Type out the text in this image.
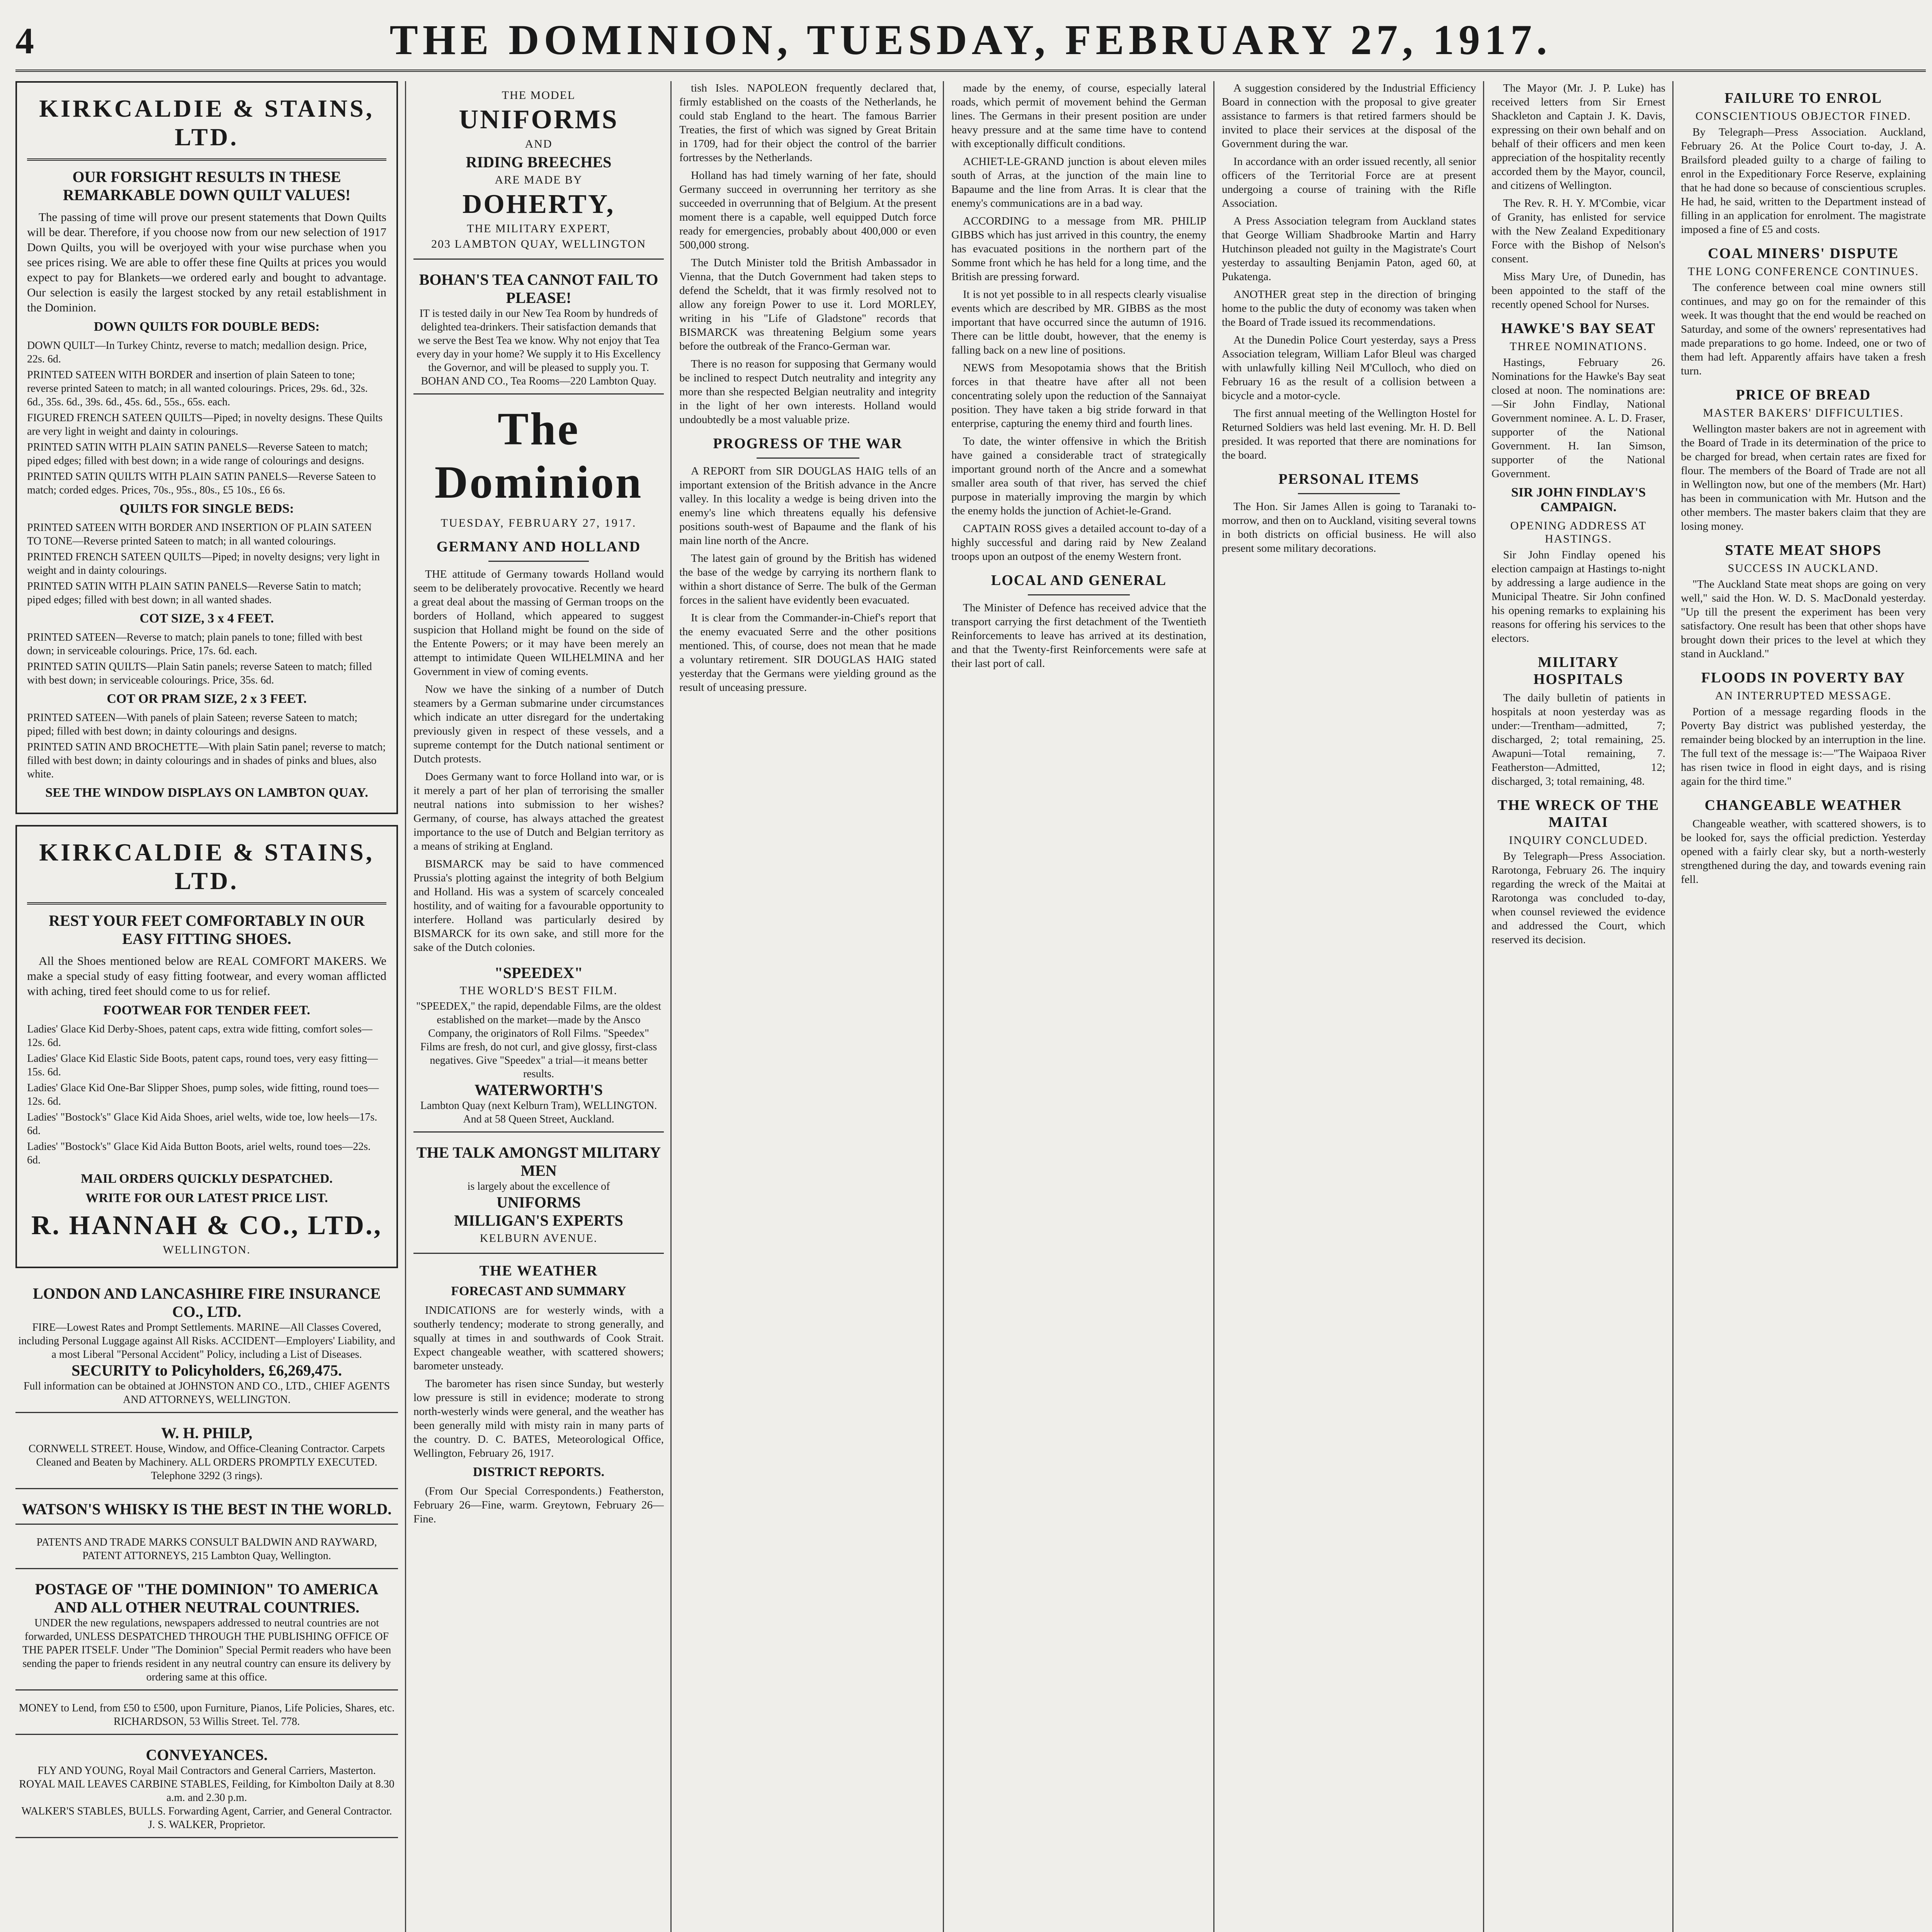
4	THE DOMINION, TUESDAY, FEBRUARY 27, 1917.
KIRKCALDIE & STAINS, LTD.
OUR FORSIGHT RESULTS IN THESE REMARKABLE DOWN QUILT VALUES!

The passing of time will prove our present statements that Down Quilts will be dear. Therefore, if you choose now from our new selection of 1917 Down Quilts, you will be overjoyed with your wise purchase when you see prices rising. We are able to offer these fine Quilts at prices you would expect to pay for Blankets—we ordered early and bought to advantage. Our selection is easily the largest stocked by any retail establishment in the Dominion.

DOWN QUILTS FOR DOUBLE BEDS:
DOWN QUILT—In Turkey Chintz, reverse to match; medallion design. Price, 22s. 6d.
PRINTED SATEEN WITH BORDER and insertion of plain Sateen to tone; reverse printed Sateen to match; in all wanted colourings. Prices, 29s. 6d., 32s. 6d., 35s. 6d., 39s. 6d., 45s. 6d., 55s., 65s. each.
FIGURED FRENCH SATEEN QUILTS—Piped; in novelty designs. These Quilts are very light in weight and dainty in colourings.
PRINTED SATIN WITH PLAIN SATIN PANELS—Reverse Sateen to match; piped edges; filled with best down; in a wide range of colourings and designs.
PRINTED SATIN QUILTS WITH PLAIN SATIN PANELS—Reverse Sateen to match; corded edges. Prices, 70s., 95s., 80s., £5 10s., £6 6s.
QUILTS FOR SINGLE BEDS:
PRINTED SATEEN WITH BORDER AND INSERTION OF PLAIN SATEEN TO TONE—Reverse printed Sateen to match; in all wanted colourings.
PRINTED FRENCH SATEEN QUILTS—Piped; in novelty designs; very light in weight and in dainty colourings.
PRINTED SATIN WITH PLAIN SATIN PANELS—Reverse Satin to match; piped edges; filled with best down; in all wanted shades.
COT SIZE, 3 x 4 FEET.
PRINTED SATEEN—Reverse to match; plain panels to tone; filled with best down; in serviceable colourings. Price, 17s. 6d. each.
PRINTED SATIN QUILTS—Plain Satin panels; reverse Sateen to match; filled with best down; in serviceable colourings. Price, 35s. 6d.
COT OR PRAM SIZE, 2 x 3 FEET.
PRINTED SATEEN—With panels of plain Sateen; reverse Sateen to match; piped; filled with best down; in dainty colourings and designs.
PRINTED SATIN AND BROCHETTE—With plain Satin panel; reverse to match; filled with best down; in dainty colourings and in shades of pinks and blues, also white.
SEE THE WINDOW DISPLAYS ON LAMBTON QUAY.
KIRKCALDIE & STAINS, LTD.
REST YOUR FEET COMFORTABLY IN OUR EASY FITTING SHOES.

All the Shoes mentioned below are REAL COMFORT MAKERS. We make a special study of easy fitting footwear, and every woman afflicted with aching, tired feet should come to us for relief.

FOOTWEAR FOR TENDER FEET.
Ladies' Glace Kid Derby-Shoes, patent caps, extra wide fitting, comfort soles—12s. 6d.
Ladies' Glace Kid Elastic Side Boots, patent caps, round toes, very easy fitting—15s. 6d.
Ladies' Glace Kid One-Bar Slipper Shoes, pump soles, wide fitting, round toes—12s. 6d.
Ladies' "Bostock's" Glace Kid Aida Shoes, ariel welts, wide toe, low heels—17s. 6d.
Ladies' "Bostock's" Glace Kid Aida Button Boots, ariel welts, round toes—22s. 6d.
MAIL ORDERS QUICKLY DESPATCHED.
WRITE FOR OUR LATEST PRICE LIST.
R. HANNAH & CO., LTD.,
WELLINGTON.
LONDON AND LANCASHIRE FIRE INSURANCE CO., LTD.
FIRE—Lowest Rates and Prompt Settlements. MARINE—All Classes Covered, including Personal Luggage against All Risks. ACCIDENT—Employers' Liability, and a most Liberal "Personal Accident" Policy, including a List of Diseases.
SECURITY to Policyholders, £6,269,475.
Full information can be obtained at JOHNSTON AND CO., LTD., CHIEF AGENTS AND ATTORNEYS, WELLINGTON.
W. H. PHILP,
CORNWELL STREET. House, Window, and Office-Cleaning Contractor. Carpets Cleaned and Beaten by Machinery. ALL ORDERS PROMPTLY EXECUTED. Telephone 3292 (3 rings).
WATSON'S WHISKY IS THE BEST IN THE WORLD.
PATENTS AND TRADE MARKS CONSULT BALDWIN AND RAYWARD, PATENT ATTORNEYS, 215 Lambton Quay, Wellington.
POSTAGE OF "THE DOMINION" TO AMERICA AND ALL OTHER NEUTRAL COUNTRIES.
UNDER the new regulations, newspapers addressed to neutral countries are not forwarded, UNLESS DESPATCHED THROUGH THE PUBLISHING OFFICE OF THE PAPER ITSELF. Under "The Dominion" Special Permit readers who have been sending the paper to friends resident in any neutral country can ensure its delivery by ordering same at this office.
MONEY to Lend, from £50 to £500, upon Furniture, Pianos, Life Policies, Shares, etc. RICHARDSON, 53 Willis Street. Tel. 778.
CONVEYANCES.
FLY AND YOUNG, Royal Mail Contractors and General Carriers, Masterton.
ROYAL MAIL LEAVES CARBINE STABLES, Feilding, for Kimbolton Daily at 8.30 a.m. and 2.30 p.m.
WALKER'S STABLES, BULLS. Forwarding Agent, Carrier, and General Contractor. J. S. WALKER, Proprietor.
THE MODEL
UNIFORMS
AND
RIDING BREECHES
ARE MADE BY
DOHERTY,
THE MILITARY EXPERT,
203 LAMBTON QUAY, WELLINGTON
BOHAN'S TEA CANNOT FAIL TO PLEASE!
IT is tested daily in our New Tea Room by hundreds of delighted tea-drinkers. Their satisfaction demands that we serve the Best Tea we know. Why not enjoy that Tea every day in your home? We supply it to His Excellency the Governor, and will be pleased to supply you. T. BOHAN AND CO., Tea Rooms—220 Lambton Quay.
The Dominion
TUESDAY, FEBRUARY 27, 1917.
GERMANY AND HOLLAND

THE attitude of Germany towards Holland would seem to be deliberately provocative. Recently we heard a great deal about the massing of German troops on the borders of Holland, which appeared to suggest suspicion that Holland might be found on the side of the Entente Powers; or it may have been merely an attempt to intimidate Queen WILHELMINA and her Government in view of coming events.

Now we have the sinking of a number of Dutch steamers by a German submarine under circumstances which indicate an utter disregard for the undertaking previously given in respect of these vessels, and a supreme contempt for the Dutch national sentiment or Dutch protests.

Does Germany want to force Holland into war, or is it merely a part of her plan of terrorising the smaller neutral nations into submission to her wishes? Germany, of course, has always attached the greatest importance to the use of Dutch and Belgian territory as a means of striking at England.

BISMARCK may be said to have commenced Prussia's plotting against the integrity of both Belgium and Holland. His was a system of scarcely concealed hostility, and of waiting for a favourable opportunity to interfere. Holland was particularly desired by BISMARCK for its own sake, and still more for the sake of the Dutch colonies.

"SPEEDEX"
THE WORLD'S BEST FILM.
"SPEEDEX," the rapid, dependable Films, are the oldest established on the market—made by the Ansco Company, the originators of Roll Films. "Speedex" Films are fresh, do not curl, and give glossy, first-class negatives. Give "Speedex" a trial—it means better results.
WATERWORTH'S
Lambton Quay (next Kelburn Tram), WELLINGTON. And at 58 Queen Street, Auckland.
THE TALK AMONGST MILITARY MEN
is largely about the excellence of
UNIFORMS
MILLIGAN'S EXPERTS
KELBURN AVENUE.
THE WEATHER
FORECAST AND SUMMARY

INDICATIONS are for westerly winds, with a southerly tendency; moderate to strong generally, and squally at times in and southwards of Cook Strait. Expect changeable weather, with scattered showers; barometer unsteady.

The barometer has risen since Sunday, but westerly low pressure is still in evidence; moderate to strong north-westerly winds were general, and the weather has been generally mild with misty rain in many parts of the country. D. C. BATES, Meteorological Office, Wellington, February 26, 1917.

DISTRICT REPORTS.

(From Our Special Correspondents.) Featherston, February 26—Fine, warm. Greytown, February 26—Fine.

tish Isles. NAPOLEON frequently declared that, firmly established on the coasts of the Netherlands, he could stab England to the heart. The famous Barrier Treaties, the first of which was signed by Great Britain in 1709, had for their object the control of the barrier fortresses by the Netherlands.

Holland has had timely warning of her fate, should Germany succeed in overrunning her territory as she succeeded in overrunning that of Belgium. At the present moment there is a capable, well equipped Dutch force ready for emergencies, probably about 400,000 or even 500,000 strong.

The Dutch Minister told the British Ambassador in Vienna, that the Dutch Government had taken steps to defend the Scheldt, that it was firmly resolved not to allow any foreign Power to use it. Lord MORLEY, writing in his "Life of Gladstone" records that BISMARCK was threatening Belgium some years before the outbreak of the Franco-German war.

There is no reason for supposing that Germany would be inclined to respect Dutch neutrality and integrity any more than she respected Belgian neutrality and integrity in the light of her own interests. Holland would undoubtedly be a most valuable prize.

PROGRESS OF THE WAR

A REPORT from SIR DOUGLAS HAIG tells of an important extension of the British advance in the Ancre valley. In this locality a wedge is being driven into the enemy's line which threatens equally his defensive positions south-west of Bapaume and the flank of his main line north of the Ancre.

The latest gain of ground by the British has widened the base of the wedge by carrying its northern flank to within a short distance of Serre. The bulk of the German forces in the salient have evidently been evacuated.

It is clear from the Commander-in-Chief's report that the enemy evacuated Serre and the other positions mentioned. This, of course, does not mean that he made a voluntary retirement. SIR DOUGLAS HAIG stated yesterday that the Germans were yielding ground as the result of unceasing pressure.

made by the enemy, of course, especially lateral roads, which permit of movement behind the German lines. The Germans in their present position are under heavy pressure and at the same time have to contend with exceptionally difficult conditions.

ACHIET-LE-GRAND junction is about eleven miles south of Arras, at the junction of the main line to Bapaume and the line from Arras. It is clear that the enemy's communications are in a bad way.

ACCORDING to a message from MR. PHILIP GIBBS which has just arrived in this country, the enemy has evacuated positions in the northern part of the Somme front which he has held for a long time, and the British are pressing forward.

It is not yet possible to in all respects clearly visualise events which are described by MR. GIBBS as the most important that have occurred since the autumn of 1916. There can be little doubt, however, that the enemy is falling back on a new line of positions.

NEWS from Mesopotamia shows that the British forces in that theatre have after all not been concentrating solely upon the reduction of the Sannaiyat position. They have taken a big stride forward in that enterprise, capturing the enemy third and fourth lines.

To date, the winter offensive in which the British have gained a considerable tract of strategically important ground north of the Ancre and a somewhat smaller area south of that river, has served the chief purpose in materially improving the margin by which the enemy holds the junction of Achiet-le-Grand.

CAPTAIN ROSS gives a detailed account to-day of a highly successful and daring raid by New Zealand troops upon an outpost of the enemy Western front.

LOCAL AND GENERAL

The Minister of Defence has received advice that the transport carrying the first detachment of the Twentieth Reinforcements to leave has arrived at its destination, and that the Twenty-first Reinforcements were safe at their last port of call.

A suggestion considered by the Industrial Efficiency Board in connection with the proposal to give greater assistance to farmers is that retired farmers should be invited to place their services at the disposal of the Government during the war.

In accordance with an order issued recently, all senior officers of the Territorial Force are at present undergoing a course of training with the Rifle Association.

A Press Association telegram from Auckland states that George William Shadbrooke Martin and Harry Hutchinson pleaded not guilty in the Magistrate's Court yesterday to assaulting Benjamin Paton, aged 60, at Pukatenga.

ANOTHER great step in the direction of bringing home to the public the duty of economy was taken when the Board of Trade issued its recommendations.

At the Dunedin Police Court yesterday, says a Press Association telegram, William Lafor Bleul was charged with unlawfully killing Neil M'Culloch, who died on February 16 as the result of a collision between a bicycle and a motor-cycle.

The first annual meeting of the Wellington Hostel for Returned Soldiers was held last evening. Mr. H. D. Bell presided. It was reported that there are nominations for the board.

PERSONAL ITEMS

The Hon. Sir James Allen is going to Taranaki to-morrow, and then on to Auckland, visiting several towns in both districts on official business. He will also present some military decorations.

The Mayor (Mr. J. P. Luke) has received letters from Sir Ernest Shackleton and Captain J. K. Davis, expressing on their own behalf and on behalf of their officers and men keen appreciation of the hospitality recently accorded them by the Mayor, council, and citizens of Wellington.

The Rev. R. H. Y. M'Combie, vicar of Granity, has enlisted for service with the New Zealand Expeditionary Force with the Bishop of Nelson's consent.

Miss Mary Ure, of Dunedin, has been appointed to the staff of the recently opened School for Nurses.

HAWKE'S BAY SEAT
THREE NOMINATIONS.

Hastings, February 26. Nominations for the Hawke's Bay seat closed at noon. The nominations are:—Sir John Findlay, National Government nominee. A. L. D. Fraser, supporter of the National Government. H. Ian Simson, supporter of the National Government.

SIR JOHN FINDLAY'S CAMPAIGN.
OPENING ADDRESS AT HASTINGS.

Sir John Findlay opened his election campaign at Hastings to-night by addressing a large audience in the Municipal Theatre. Sir John confined his opening remarks to explaining his reasons for offering his services to the electors.

MILITARY HOSPITALS

The daily bulletin of patients in hospitals at noon yesterday was as under:—Trentham—admitted, 7; discharged, 2; total remaining, 25. Awapuni—Total remaining, 7. Featherston—Admitted, 12; discharged, 3; total remaining, 48.

THE WRECK OF THE MAITAI
INQUIRY CONCLUDED.

By Telegraph—Press Association. Rarotonga, February 26. The inquiry regarding the wreck of the Maitai at Rarotonga was concluded to-day, when counsel reviewed the evidence and addressed the Court, which reserved its decision.

FAILURE TO ENROL
CONSCIENTIOUS OBJECTOR FINED.

By Telegraph—Press Association. Auckland, February 26. At the Police Court to-day, J. A. Brailsford pleaded guilty to a charge of failing to enrol in the Expeditionary Force Reserve, explaining that he had done so because of conscientious scruples. He had, he said, written to the Department instead of filling in an application for enrolment. The magistrate imposed a fine of £5 and costs.

COAL MINERS' DISPUTE
THE LONG CONFERENCE CONTINUES.

The conference between coal mine owners still continues, and may go on for the remainder of this week. It was thought that the end would be reached on Saturday, and some of the owners' representatives had made preparations to go home. Indeed, one or two of them had left. Apparently affairs have taken a fresh turn.

PRICE OF BREAD
MASTER BAKERS' DIFFICULTIES.

Wellington master bakers are not in agreement with the Board of Trade in its determination of the price to be charged for bread, when certain rates are fixed for flour. The members of the Board of Trade are not all in Wellington now, but one of the members (Mr. Hart) has been in communication with Mr. Hutson and the other members. The master bakers claim that they are losing money.

STATE MEAT SHOPS
SUCCESS IN AUCKLAND.

"The Auckland State meat shops are going on very well," said the Hon. W. D. S. MacDonald yesterday. "Up till the present the experiment has been very satisfactory. One result has been that other shops have brought down their prices to the level at which they stand in Auckland."

FLOODS IN POVERTY BAY
AN INTERRUPTED MESSAGE.

Portion of a message regarding floods in the Poverty Bay district was published yesterday, the remainder being blocked by an interruption in the line. The full text of the message is:—"The Waipaoa River has risen twice in flood in eight days, and is rising again for the third time."

CHANGEABLE WEATHER

Changeable weather, with scattered showers, is to be looked for, says the official prediction. Yesterday opened with a fairly clear sky, but a north-westerly strengthened during the day, and towards evening rain fell.
